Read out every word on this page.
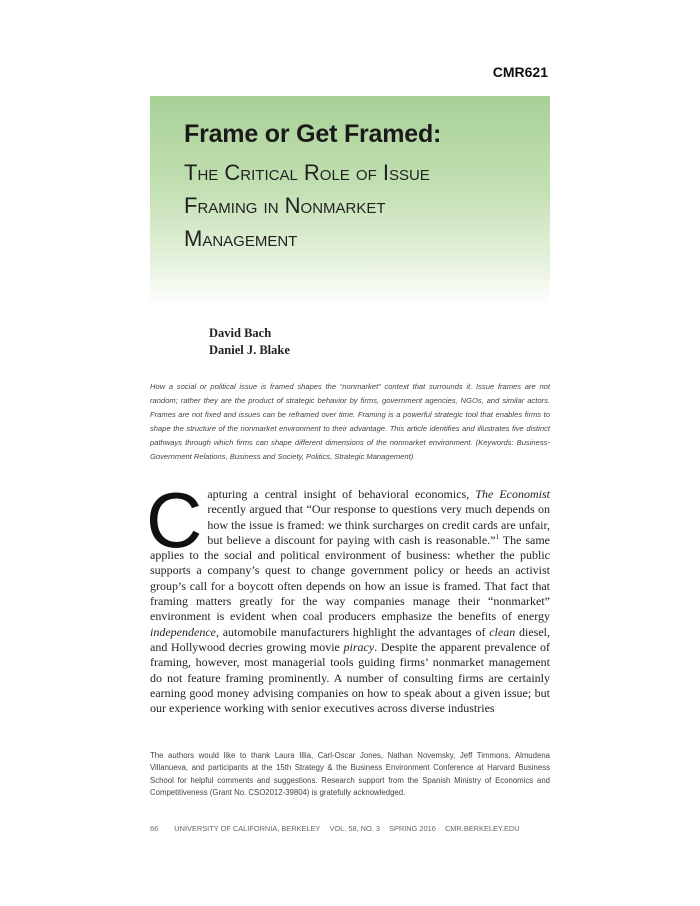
CMR621
Frame or Get Framed:
The Critical Role of Issue
Framing in Nonmarket
Management
David Bach
Daniel J. Blake

How a social or political issue is framed shapes the “nonmarket” context that surrounds it. Issue frames are not random; rather they are the product of strategic behavior by firms, government agencies, NGOs, and similar actors. Frames are not fixed and issues can be reframed over time. Framing is a powerful strategic tool that enables firms to shape the structure of the nonmarket environment to their advantage. This article identifies and illustrates five distinct pathways through which firms can shape different dimensions of the nonmarket environment. (Keywords: Business-Government Relations, Business and Society, Politics, Strategic Management)

Capturing a central insight of behavioral economics, The Economist recently argued that “Our response to questions very much depends on how the issue is framed: we think surcharges on credit cards are unfair, but believe a discount for paying with cash is reasonable.”$^1$ The same applies to the social and political environment of business: whether the public supports a company’s quest to change government policy or heeds an activist group’s call for a boycott often depends on how an issue is framed. That fact that framing matters greatly for the way companies manage their “nonmarket” environment is evident when coal producers emphasize the benefits of energy independence, automobile manufacturers highlight the advantages of clean diesel, and Hollywood decries growing movie piracy. Despite the apparent prevalence of framing, however, most managerial tools guiding firms’ nonmarket management do not feature framing prominently. A number of consulting firms are certainly earning good money advising companies on how to speak about a given issue; but our experience working with senior executives across diverse industries

The authors would like to thank Laura Illia, Carl-Oscar Jones, Nathan Novemsky, Jeff Timmons, Almudena Villanueva, and participants at the 15th Strategy & the Business Environment Conference at Harvard Business School for helpful comments and suggestions. Research support from the Spanish Ministry of Economics and Competitiveness (Grant No. CSO2012-39804) is gratefully acknowledged.

66 UNIVERSITY OF CALIFORNIA, BERKELEY VOL. 58, NO. 3 SPRING 2016 CMR.BERKELEY.EDU
